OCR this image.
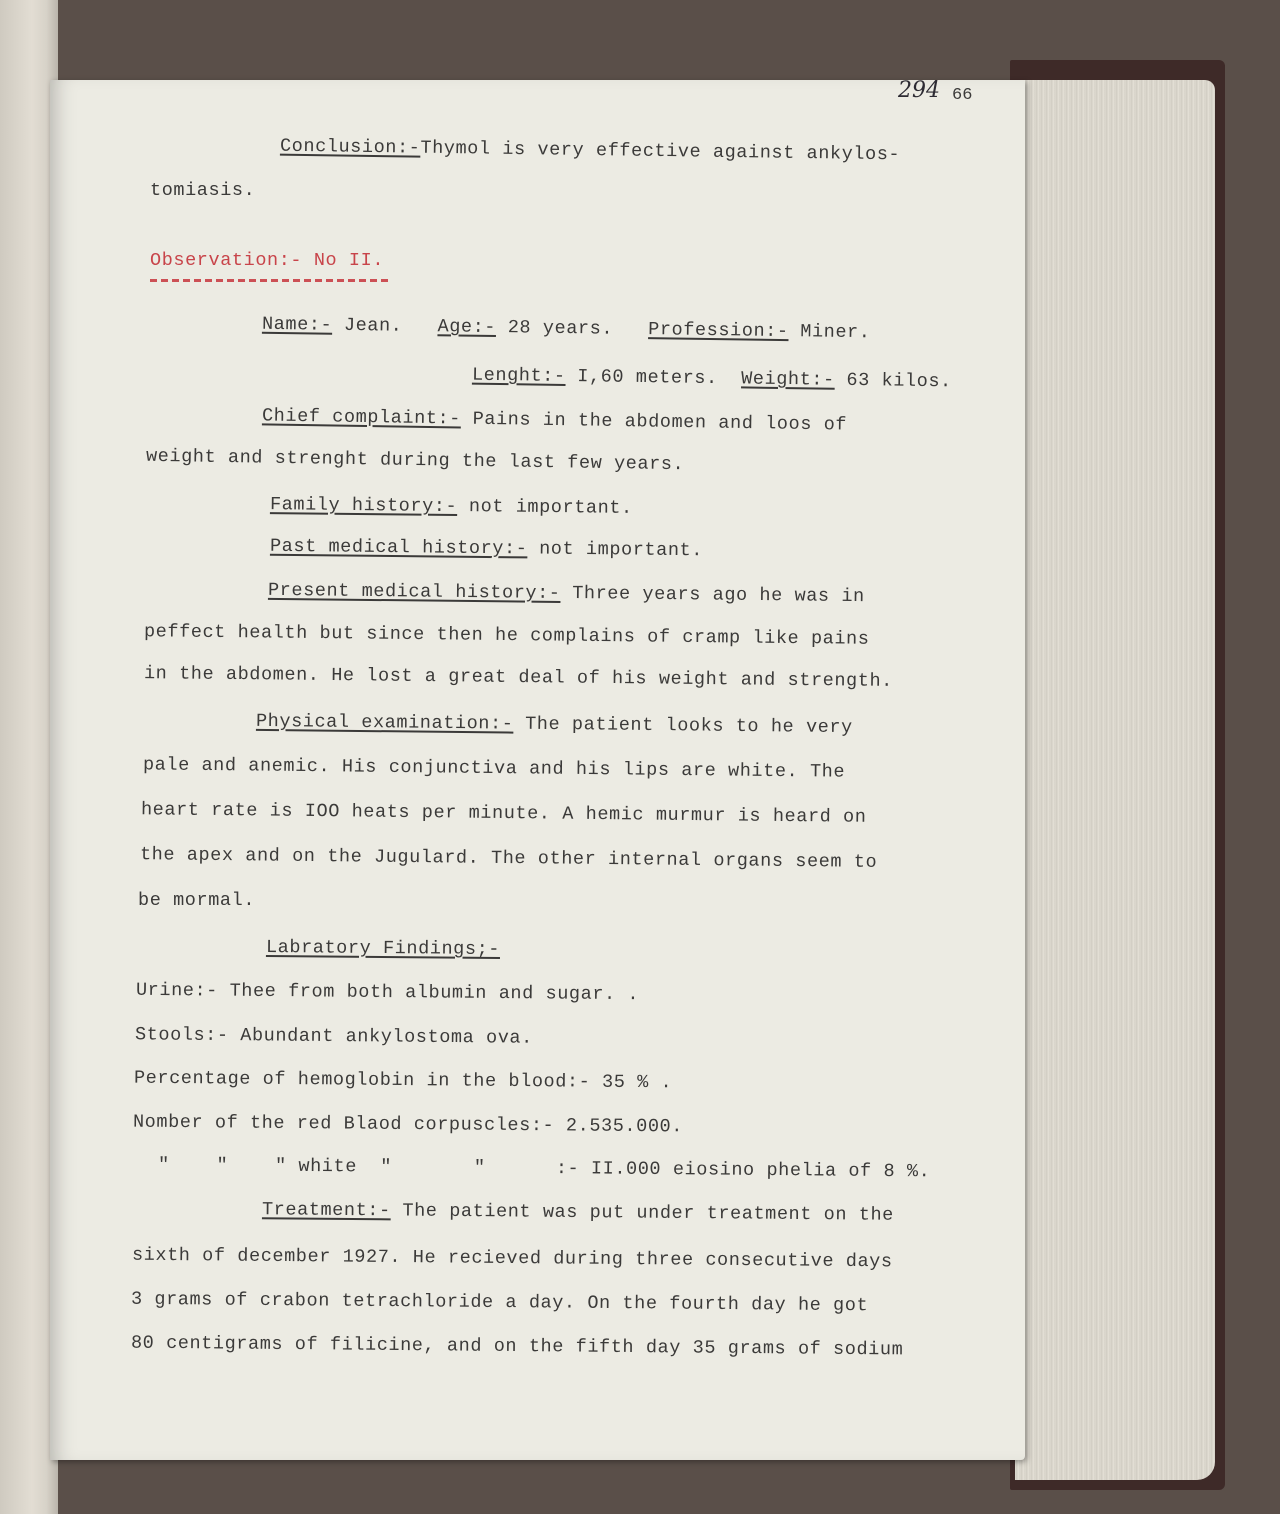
294 66
Conclusion:-Thymol is very effective against ankylos-
tomiasis.
Observation:- No II.
Name:- Jean. Age:- 28 years. Profession:- Miner.
Lenght:- I,60 meters. Weight:- 63 kilos.
Chief complaint:- Pains in the abdomen and loos of
weight and strenght during the last few years.
Family history:- not important.
Past medical history:- not important.
Present medical history:- Three years ago he was in
peffect health but since then he complains of cramp like pains
in the abdomen. He lost a great deal of his weight and strength.
Physical examination:- The patient looks to he very
pale and anemic. His conjunctiva and his lips are white. The
heart rate is IOO heats per minute. A hemic murmur is heard on
the apex and on the Jugulard. The other internal organs seem to
be mormal.
Labratory Findings;-
Urine:- Thee from both albumin and sugar. .
Stools:- Abundant ankylostoma ova.
Percentage of hemoglobin in the blood:- 35 % .
Nomber of the red Blaod corpuscles:- 2.535.000.
"    "    " white  "       "      :- II.000 eiosino phelia of 8 %.
Treatment:- The patient was put under treatment on the
sixth of december 1927. He recieved during three consecutive days
3 grams of crabon tetrachloride a day. On the fourth day he got
80 centigrams of filicine, and on the fifth day 35 grams of sodium
